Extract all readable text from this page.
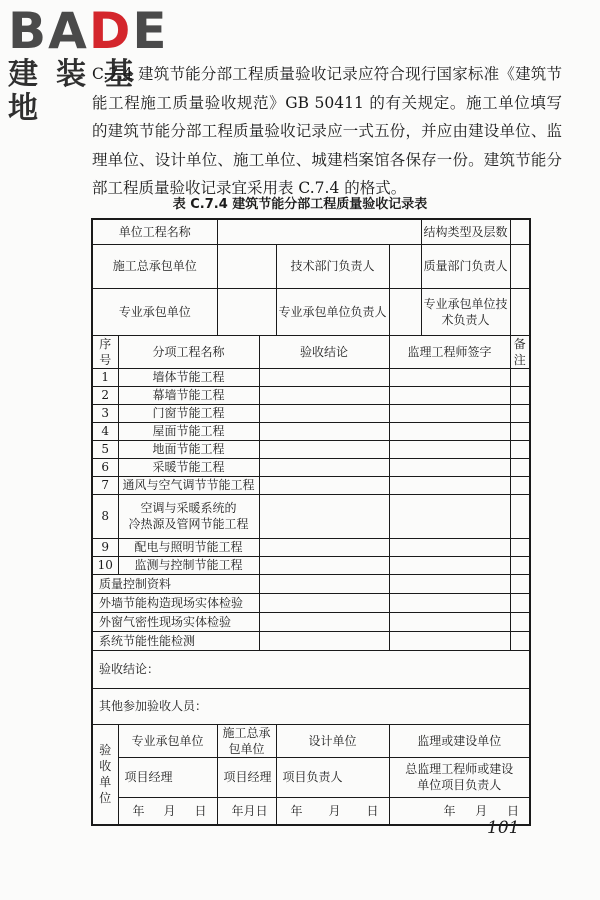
BADE
建装基地

C.7.4 建筑节能分部工程质量验收记录应符合现行国家标准《建筑节能工程施工质量验收规范》GB 50411 的有关规定。施工单位填写的建筑节能分部工程质量验收记录应一式五份，并应由建设单位、监理单位、设计单位、施工单位、城建档案馆各保存一份。建筑节能分部工程质量验收记录宜采用表 C.7.4 的格式。

表 C.7.4 建筑节能分部工程质量验收记录表
单位工程名称						结构类型及层数	
施工总承包单位				技术部门负责人		质量部门负责人	
专业承包单位				专业承包单位负责人		专业承包单位技术负责人	
序号	分项工程名称		验收结论		监理工程师签字		备注
1	墙体节能工程						
2	幕墙节能工程						
3	门窗节能工程						
4	屋面节能工程						
5	地面节能工程						
6	采暖节能工程						
7	通风与空气调节节能工程						
8	空调与采暖系统的
冷热源及管网节能工程						

9	配电与照明节能工程						
10	监测与控制节能工程						
质量控制资料							
外墙节能构造现场实体检验							
外窗气密性现场实体检验							
系统节能性能检测							
验收结论：							
其他参加验收人员：							

验
收
单
位	专业承包单位	施工总承包单位		设计单位	监理或建设单位		
	项目经理	项目经理		项目负责人	总监理工程师或建设
单位项目负责人		

	年 月 日	年 月 日		年 月 日	年 月 日		
101
